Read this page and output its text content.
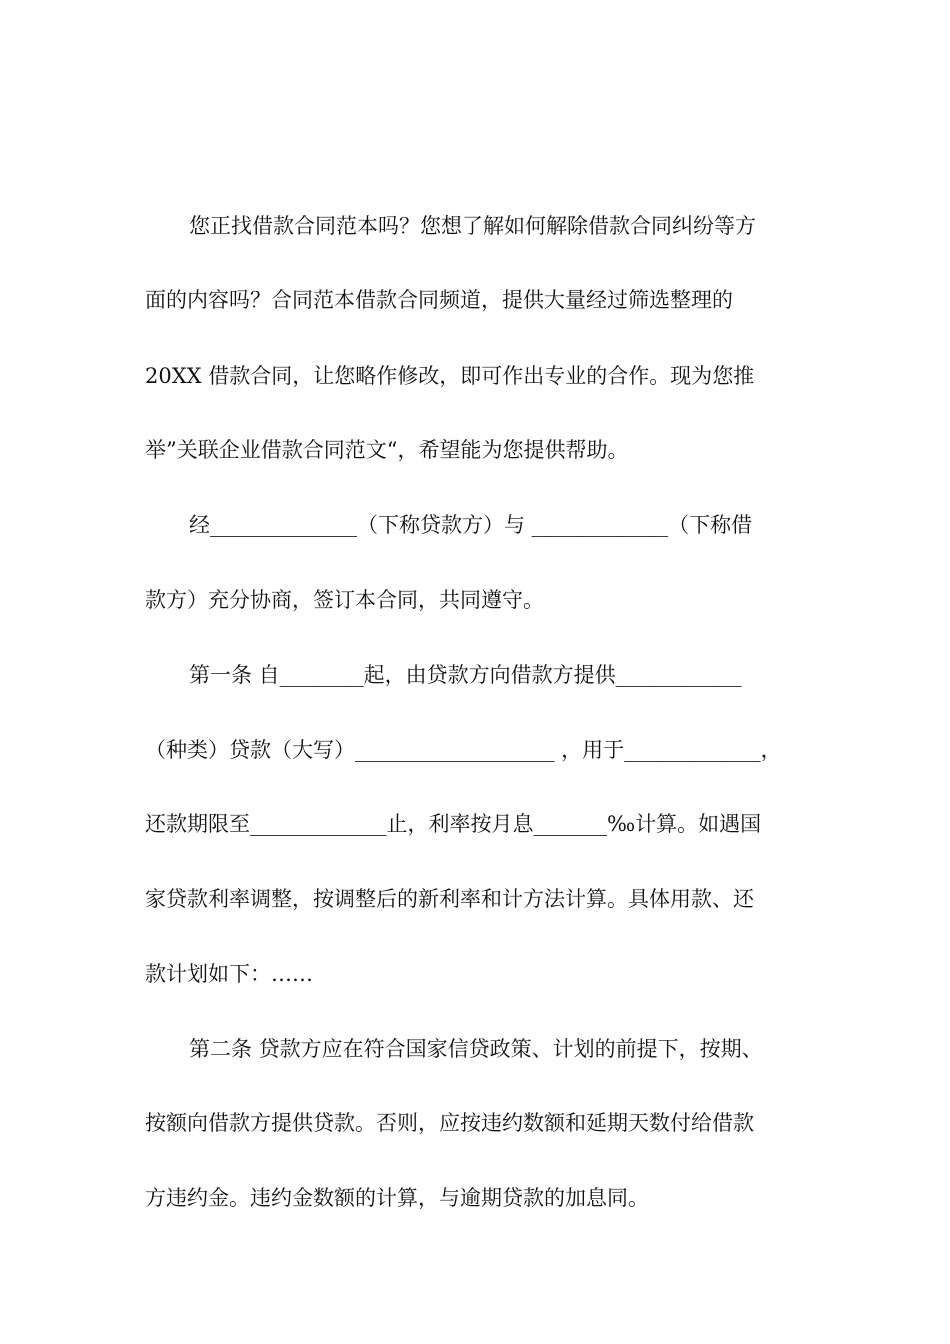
您正找借款合同范本吗？您想了解如何解除借款合同纠纷等方
面的内容吗？合同范本借款合同频道，提供大量经过筛选整理的
20XX 借款合同，让您略作修改，即可作出专业的合作。现为您推
举”关联企业借款合同范文“，希望能为您提供帮助。
经______________（下称贷款方）与 _____________（下称借
款方）充分协商，签订本合同，共同遵守。
第一条 自________起，由贷款方向借款方提供____________
（种类）贷款（大写）___________________ ，用于_____________，
还款期限至_____________止，利率按月息_______‰计算。如遇国
家贷款利率调整，按调整后的新利率和计方法计算。具体用款、还
款计划如下：……
第二条 贷款方应在符合国家信贷政策、计划的前提下，按期、
按额向借款方提供贷款。否则，应按违约数额和延期天数付给借款
方违约金。违约金数额的计算，与逾期贷款的加息同。
